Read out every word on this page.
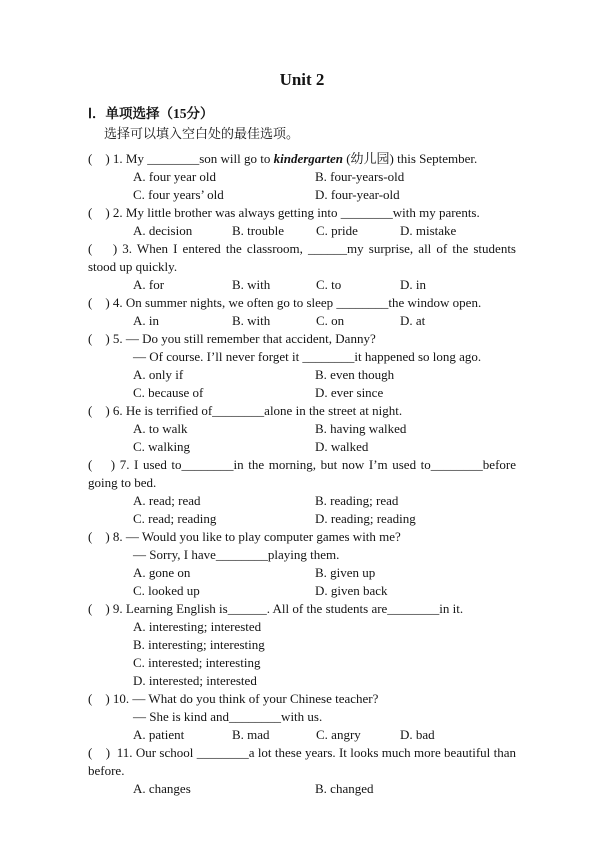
Unit 2
Ⅰ．单项选择（15分）
选择可以填入空白处的最佳选项。
(    ) 1. My ________son will go to kindergarten (幼儿园) this September.
A. four year old	B. four-years-old
C. four years’ old	D. four-year-old
(    ) 2. My little brother was always getting into ________with my parents.
A. decision	B. trouble C. pride	D. mistake
(    ) 3. When I entered the classroom, ______my surprise, all of the students stood up quickly.
A. for	B. with	C. to	D. in
(    ) 4. On summer nights, we often go to sleep ________the window open.
A. in	B. with	C. on	D. at
(    ) 5. — Do you still remember that accident, Danny?
— Of course. I’ll never forget it ________it happened so long ago.
A. only if	B. even though
C. because of	D. ever since
(    ) 6. He is terrified of________alone in the street at night.
A. to walk	B. having walked
C. walking	D. walked
(    ) 7. I used to________in the morning, but now I’m used to________before going to bed.
A. read; read	B. reading; read
C. read; reading	D. reading; reading
(    ) 8. — Would you like to play computer games with me?
— Sorry, I have________playing them.
A. gone on	B. given up
C. looked up	D. given back
(    ) 9. Learning English is______. All of the students are________in it.
A. interesting; interested
B. interesting; interesting
C. interested; interesting
D. interested; interested
(    ) 10. — What do you think of your Chinese teacher?
— She is kind and________with us.
A. patient	B. mad	C. angry	D. bad
(    )  11. Our school ________a lot these years. It looks much more beautiful than before.
A. changes	B. changed
